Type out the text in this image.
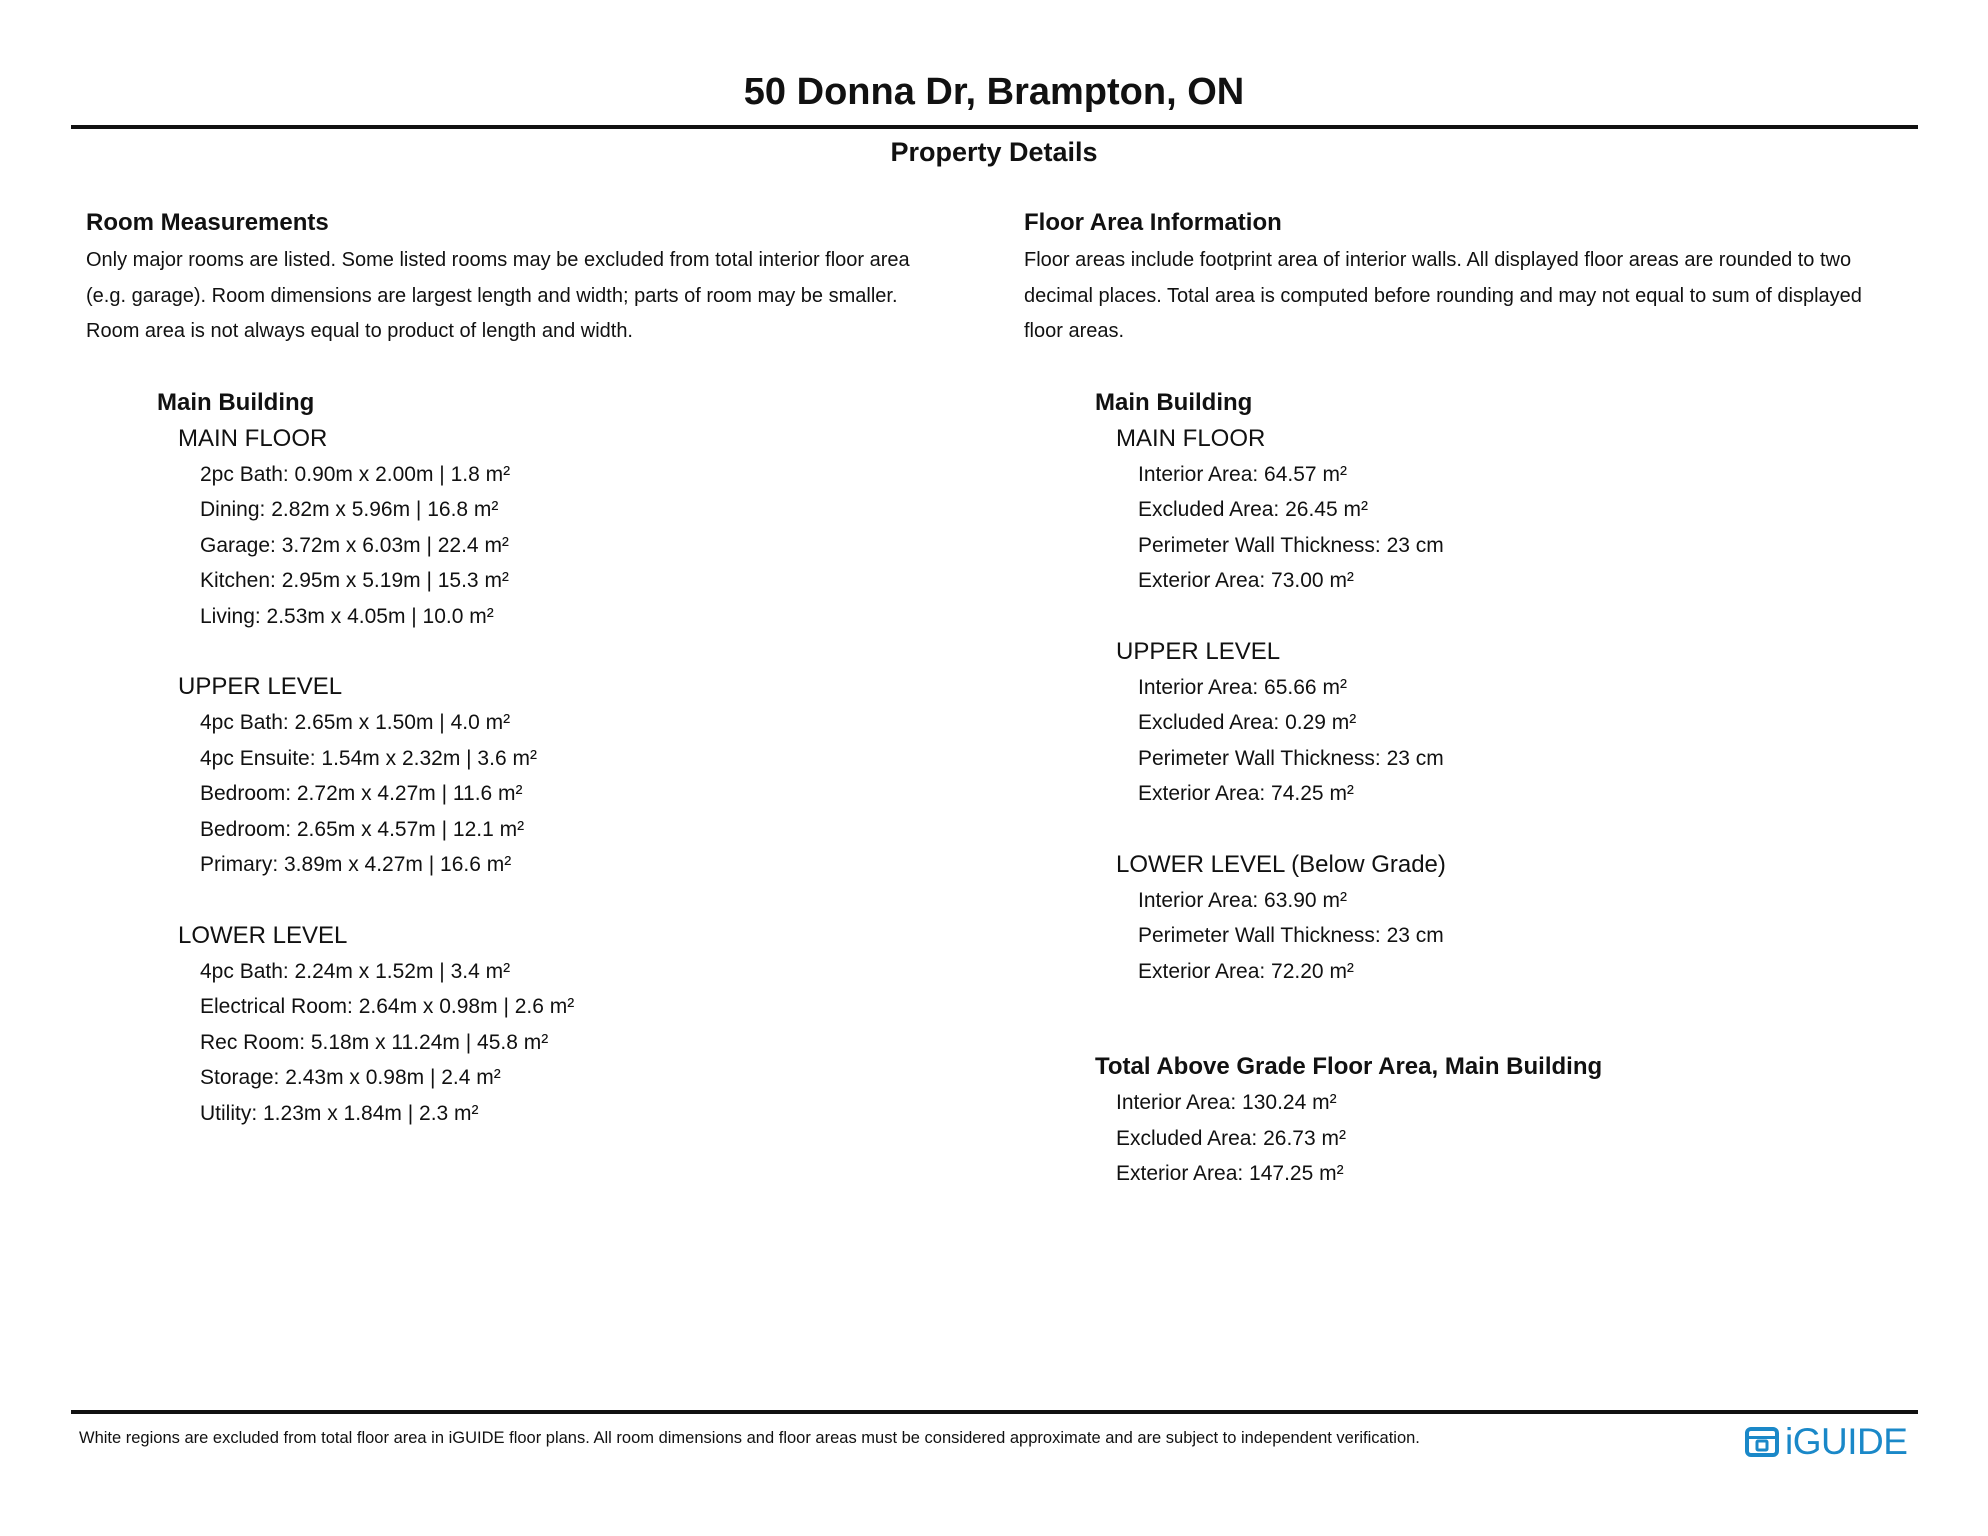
50 Donna Dr, Brampton, ON
Property Details
Room Measurements
Only major rooms are listed. Some listed rooms may be excluded from total interior floor area
(e.g. garage). Room dimensions are largest length and width; parts of room may be smaller.
Room area is not always equal to product of length and width.
Main Building
MAIN FLOOR
2pc Bath: 0.90m x 2.00m | 1.8 m²
Dining: 2.82m x 5.96m | 16.8 m²
Garage: 3.72m x 6.03m | 22.4 m²
Kitchen: 2.95m x 5.19m | 15.3 m²
Living: 2.53m x 4.05m | 10.0 m²
UPPER LEVEL
4pc Bath: 2.65m x 1.50m | 4.0 m²
4pc Ensuite: 1.54m x 2.32m | 3.6 m²
Bedroom: 2.72m x 4.27m | 11.6 m²
Bedroom: 2.65m x 4.57m | 12.1 m²
Primary: 3.89m x 4.27m | 16.6 m²
LOWER LEVEL
4pc Bath: 2.24m x 1.52m | 3.4 m²
Electrical Room: 2.64m x 0.98m | 2.6 m²
Rec Room: 5.18m x 11.24m | 45.8 m²
Storage: 2.43m x 0.98m | 2.4 m²
Utility: 1.23m x 1.84m | 2.3 m²
Floor Area Information
Floor areas include footprint area of interior walls. All displayed floor areas are rounded to two
decimal places. Total area is computed before rounding and may not equal to sum of displayed
floor areas.
Main Building
MAIN FLOOR
Interior Area: 64.57 m²
Excluded Area: 26.45 m²
Perimeter Wall Thickness: 23 cm
Exterior Area: 73.00 m²
UPPER LEVEL
Interior Area: 65.66 m²
Excluded Area: 0.29 m²
Perimeter Wall Thickness: 23 cm
Exterior Area: 74.25 m²
LOWER LEVEL (Below Grade)
Interior Area: 63.90 m²
Perimeter Wall Thickness: 23 cm
Exterior Area: 72.20 m²
Total Above Grade Floor Area, Main Building
Interior Area: 130.24 m²
Excluded Area: 26.73 m²
Exterior Area: 147.25 m²
White regions are excluded from total floor area in iGUIDE floor plans. All room dimensions and floor areas must be considered approximate and are subject to independent verification.	iGUIDE
